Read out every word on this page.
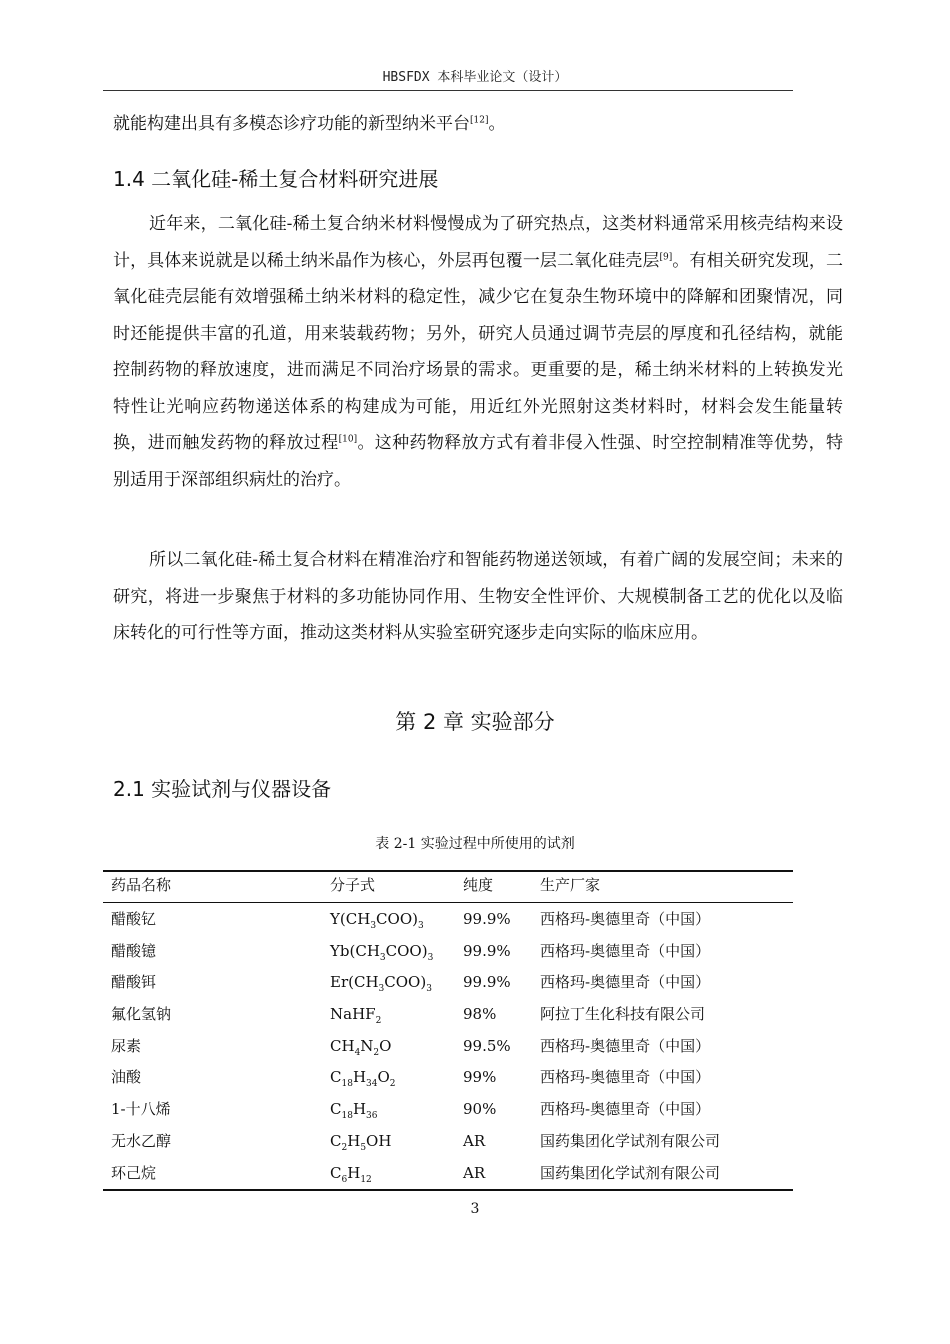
HBSFDX 本科毕业论文（设计）

就能构建出具有多模态诊疗功能的新型纳米平台[12]。

1.4 二氧化硅-稀土复合材料研究进展

近年来，二氧化硅-稀土复合纳米材料慢慢成为了研究热点，这类材料通常采用核壳结构来设计，具体来说就是以稀土纳米晶作为核心，外层再包覆一层二氧化硅壳层[9]。有相关研究发现，二氧化硅壳层能有效增强稀土纳米材料的稳定性，减少它在复杂生物环境中的降解和团聚情况，同时还能提供丰富的孔道，用来装载药物；另外，研究人员通过调节壳层的厚度和孔径结构，就能控制药物的释放速度，进而满足不同治疗场景的需求。更重要的是，稀土纳米材料的上转换发光特性让光响应药物递送体系的构建成为可能，用近红外光照射这类材料时，材料会发生能量转换，进而触发药物的释放过程[10]。这种药物释放方式有着非侵入性强、时空控制精准等优势，特别适用于深部组织病灶的治疗。

所以二氧化硅-稀土复合材料在精准治疗和智能药物递送领域，有着广阔的发展空间；未来的研究，将进一步聚焦于材料的多功能协同作用、生物安全性评价、大规模制备工艺的优化以及临床转化的可行性等方面，推动这类材料从实验室研究逐步走向实际的临床应用。

第 2 章 实验部分
2.1 实验试剂与仪器设备
表 2-1 实验过程中所使用的试剂
药品名称	分子式	纯度	生产厂家
醋酸钇	$Y(CH_3COO)_3$	99.9% 西格玛-奥德里奇（中国）
醋酸镱	$Yb(CH_3COO)_3$ 99.9% 西格玛-奥德里奇（中国）
醋酸铒	$Er(CH_3COO)_3$ 99.9% 西格玛-奥德里奇（中国）
氟化氢钠	NaHF$_2$	98%	阿拉丁生化科技有限公司
尿素	$CH_4N_2O$	99.5% 西格玛-奥德里奇（中国）
油酸	$C_{18}H_{34}O_2$	99%	西格玛-奥德里奇（中国）
1-十八烯	$C_{18}H_{36}$	90%	西格玛-奥德里奇（中国）
无水乙醇	$C_2H_5OH$	AR	国药集团化学试剂有限公司
环己烷	$C_6H_{12}$	AR	国药集团化学试剂有限公司
3
